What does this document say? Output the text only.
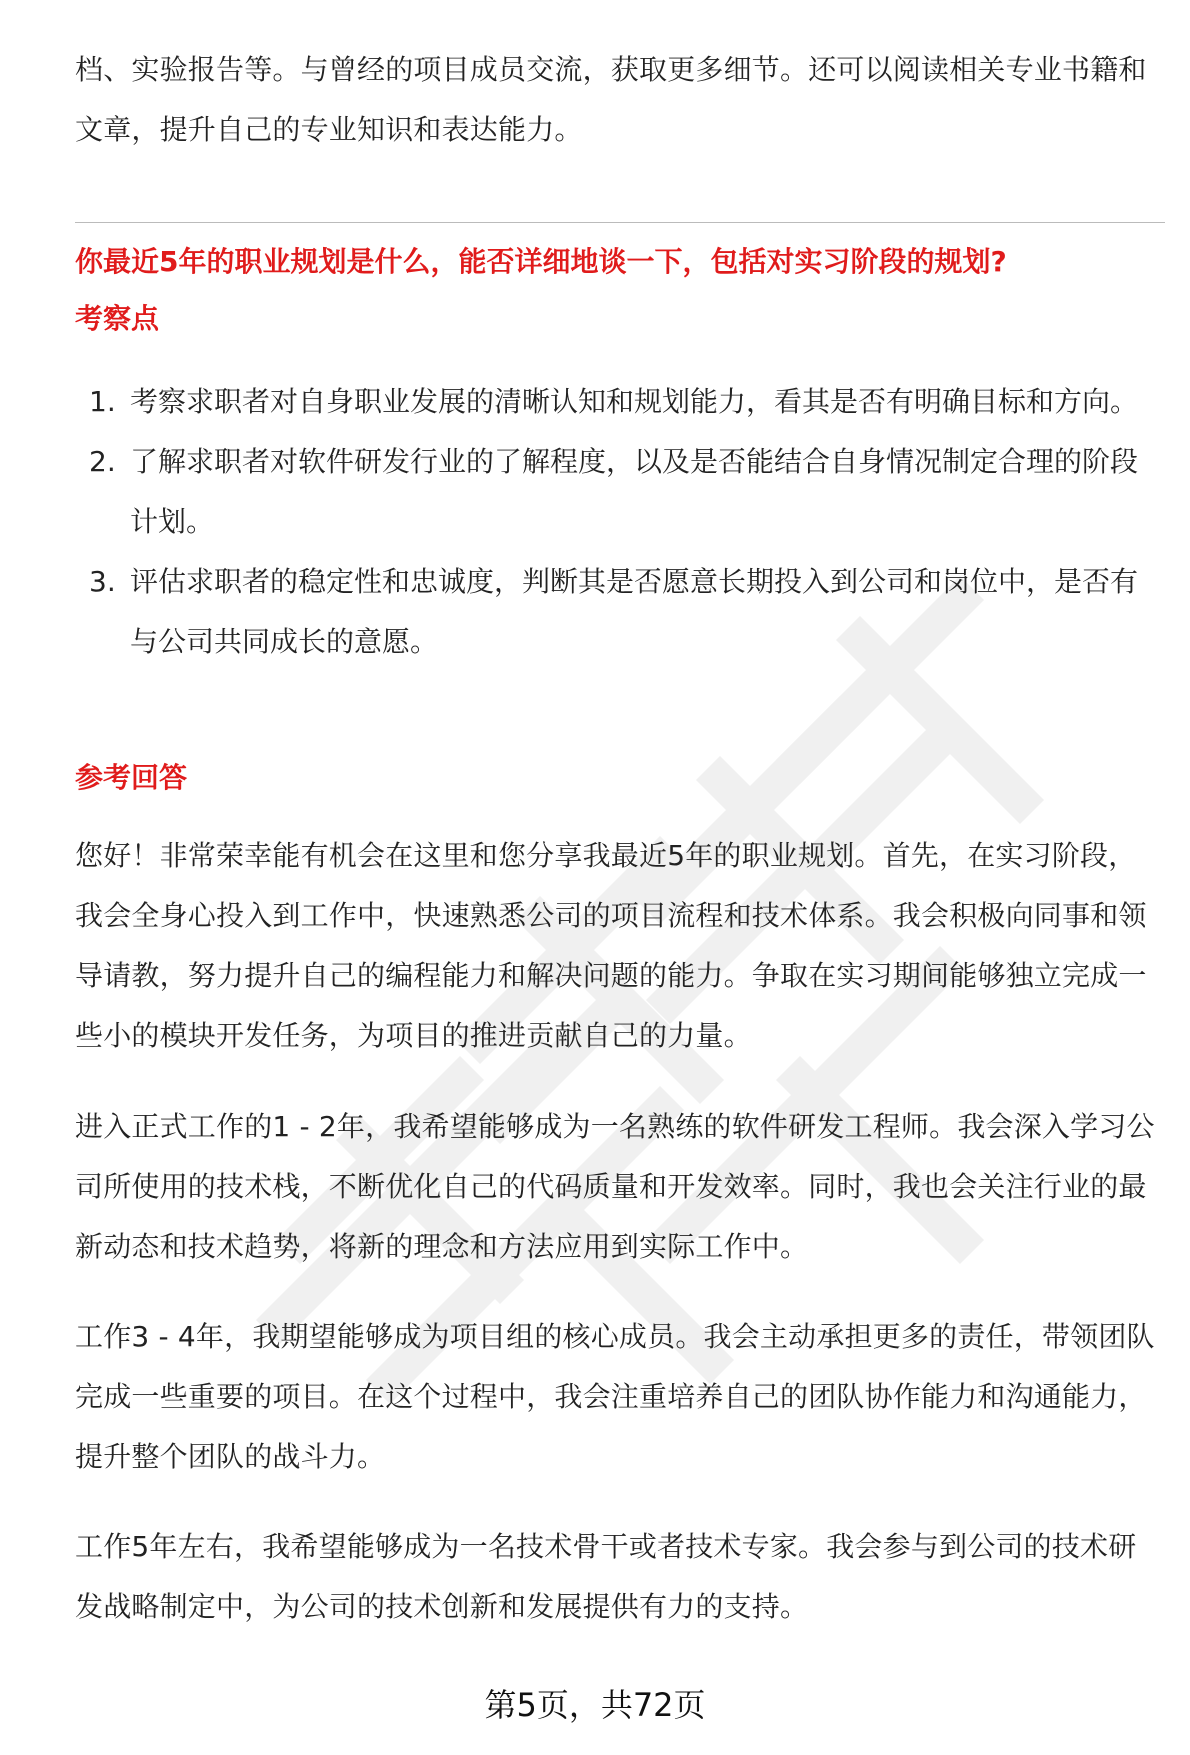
档、实验报告等。与曾经的项目成员交流，获取更多细节。还可以阅读相关专业书籍和文章，提升自己的专业知识和表达能力。

你最近5年的职业规划是什么，能否详细地谈一下，包括对实习阶段的规划?

考察点

1. 考察求职者对自身职业发展的清晰认知和规划能力，看其是否有明确目标和方向。
2. 了解求职者对软件研发行业的了解程度，以及是否能结合自身情况制定合理的阶段计划。
3. 评估求职者的稳定性和忠诚度，判断其是否愿意长期投入到公司和岗位中，是否有与公司共同成长的意愿。

参考回答

您好！非常荣幸能有机会在这里和您分享我最近5年的职业规划。首先，在实习阶段，我会全身心投入到工作中，快速熟悉公司的项目流程和技术体系。我会积极向同事和领导请教，努力提升自己的编程能力和解决问题的能力。争取在实习期间能够独立完成一些小的模块开发任务，为项目的推进贡献自己的力量。

进入正式工作的1 - 2年，我希望能够成为一名熟练的软件研发工程师。我会深入学习公司所使用的技术栈，不断优化自己的代码质量和开发效率。同时，我也会关注行业的最新动态和技术趋势，将新的理念和方法应用到实际工作中。

工作3 - 4年，我期望能够成为项目组的核心成员。我会主动承担更多的责任，带领团队完成一些重要的项目。在这个过程中，我会注重培养自己的团队协作能力和沟通能力，提升整个团队的战斗力。

工作5年左右，我希望能够成为一名技术骨干或者技术专家。我会参与到公司的技术研发战略制定中，为公司的技术创新和发展提供有力的支持。

第5页，共72页
